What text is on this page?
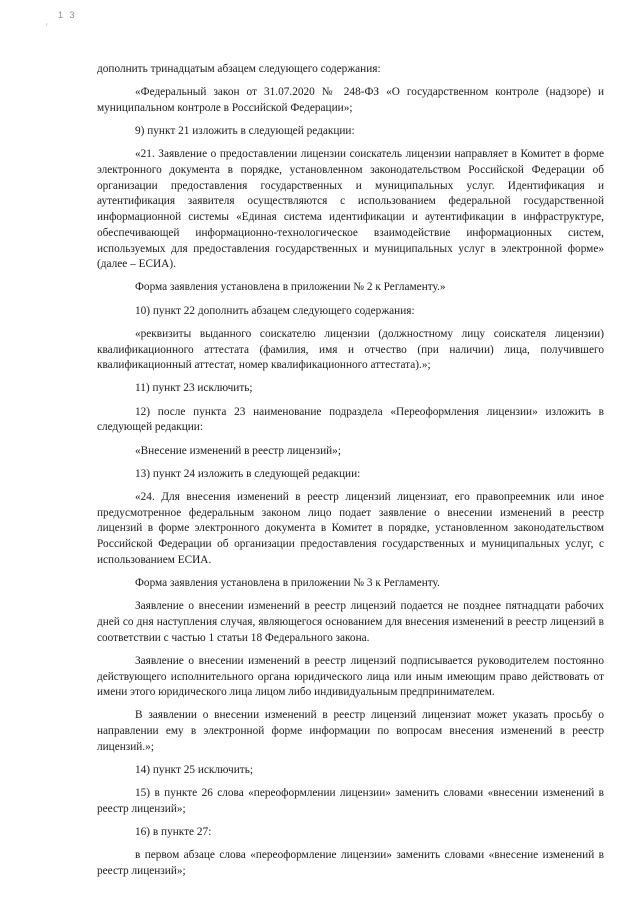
1 3
'

дополнить тринадцатым абзацем следующего содержания:

«Федеральный закон от 31.07.2020 № 248-ФЗ «О государственном контроле (надзоре) и муниципальном контроле в Российской Федерации»;

9) пункт 21 изложить в следующей редакции:

«21. Заявление о предоставлении лицензии соискатель лицензии направляет в Комитет в форме электронного документа в порядке, установленном законодательством Российской Федерации об организации предоставления государственных и муниципальных услуг. Идентификация и аутентификация заявителя осуществляются с использованием федеральной государственной информационной системы «Единая система идентификации и аутентификации в инфраструктуре, обеспечивающей информационно-технологическое взаимодействие информационных систем, используемых для предоставления государственных и муниципальных услуг в электронной форме» (далее – ЕСИА).

Форма заявления установлена в приложении № 2 к Регламенту.»

10) пункт 22 дополнить абзацем следующего содержания:

«реквизиты выданного соискателю лицензии (должностному лицу соискателя лицензии) квалификационного аттестата (фамилия, имя и отчество (при наличии) лица, получившего квалификационный аттестат, номер квалификационного аттестата).»;

11) пункт 23 исключить;

12) после пункта 23 наименование подраздела «Переоформления лицензии» изложить в следующей редакции:

«Внесение изменений в реестр лицензий»;

13) пункт 24 изложить в следующей редакции:

«24. Для внесения изменений в реестр лицензий лицензиат, его правопреемник или иное предусмотренное федеральным законом лицо подает заявление о внесении изменений в реестр лицензий в форме электронного документа в Комитет в порядке, установленном законодательством Российской Федерации об организации предоставления государственных и муниципальных услуг, с использованием ЕСИА.

Форма заявления установлена в приложении № 3 к Регламенту.

Заявление о внесении изменений в реестр лицензий подается не позднее пятнадцати рабочих дней со дня наступления случая, являющегося основанием для внесения изменений в реестр лицензий в соответствии с частью 1 статьи 18 Федерального закона.

Заявление о внесении изменений в реестр лицензий подписывается руководителем постоянно действующего исполнительного органа юридического лица или иным имеющим право действовать от имени этого юридического лица лицом либо индивидуальным предпринимателем.

В заявлении о внесении изменений в реестр лицензий лицензиат может указать просьбу о направлении ему в электронной форме информации по вопросам внесения изменений в реестр лицензий.»;

14) пункт 25 исключить;

15) в пункте 26 слова «переоформлении лицензии» заменить словами «внесении изменений в реестр лицензий»;

16) в пункте 27:

в первом абзаце слова «переоформление лицензии» заменить словами «внесение изменений в реестр лицензий»;
